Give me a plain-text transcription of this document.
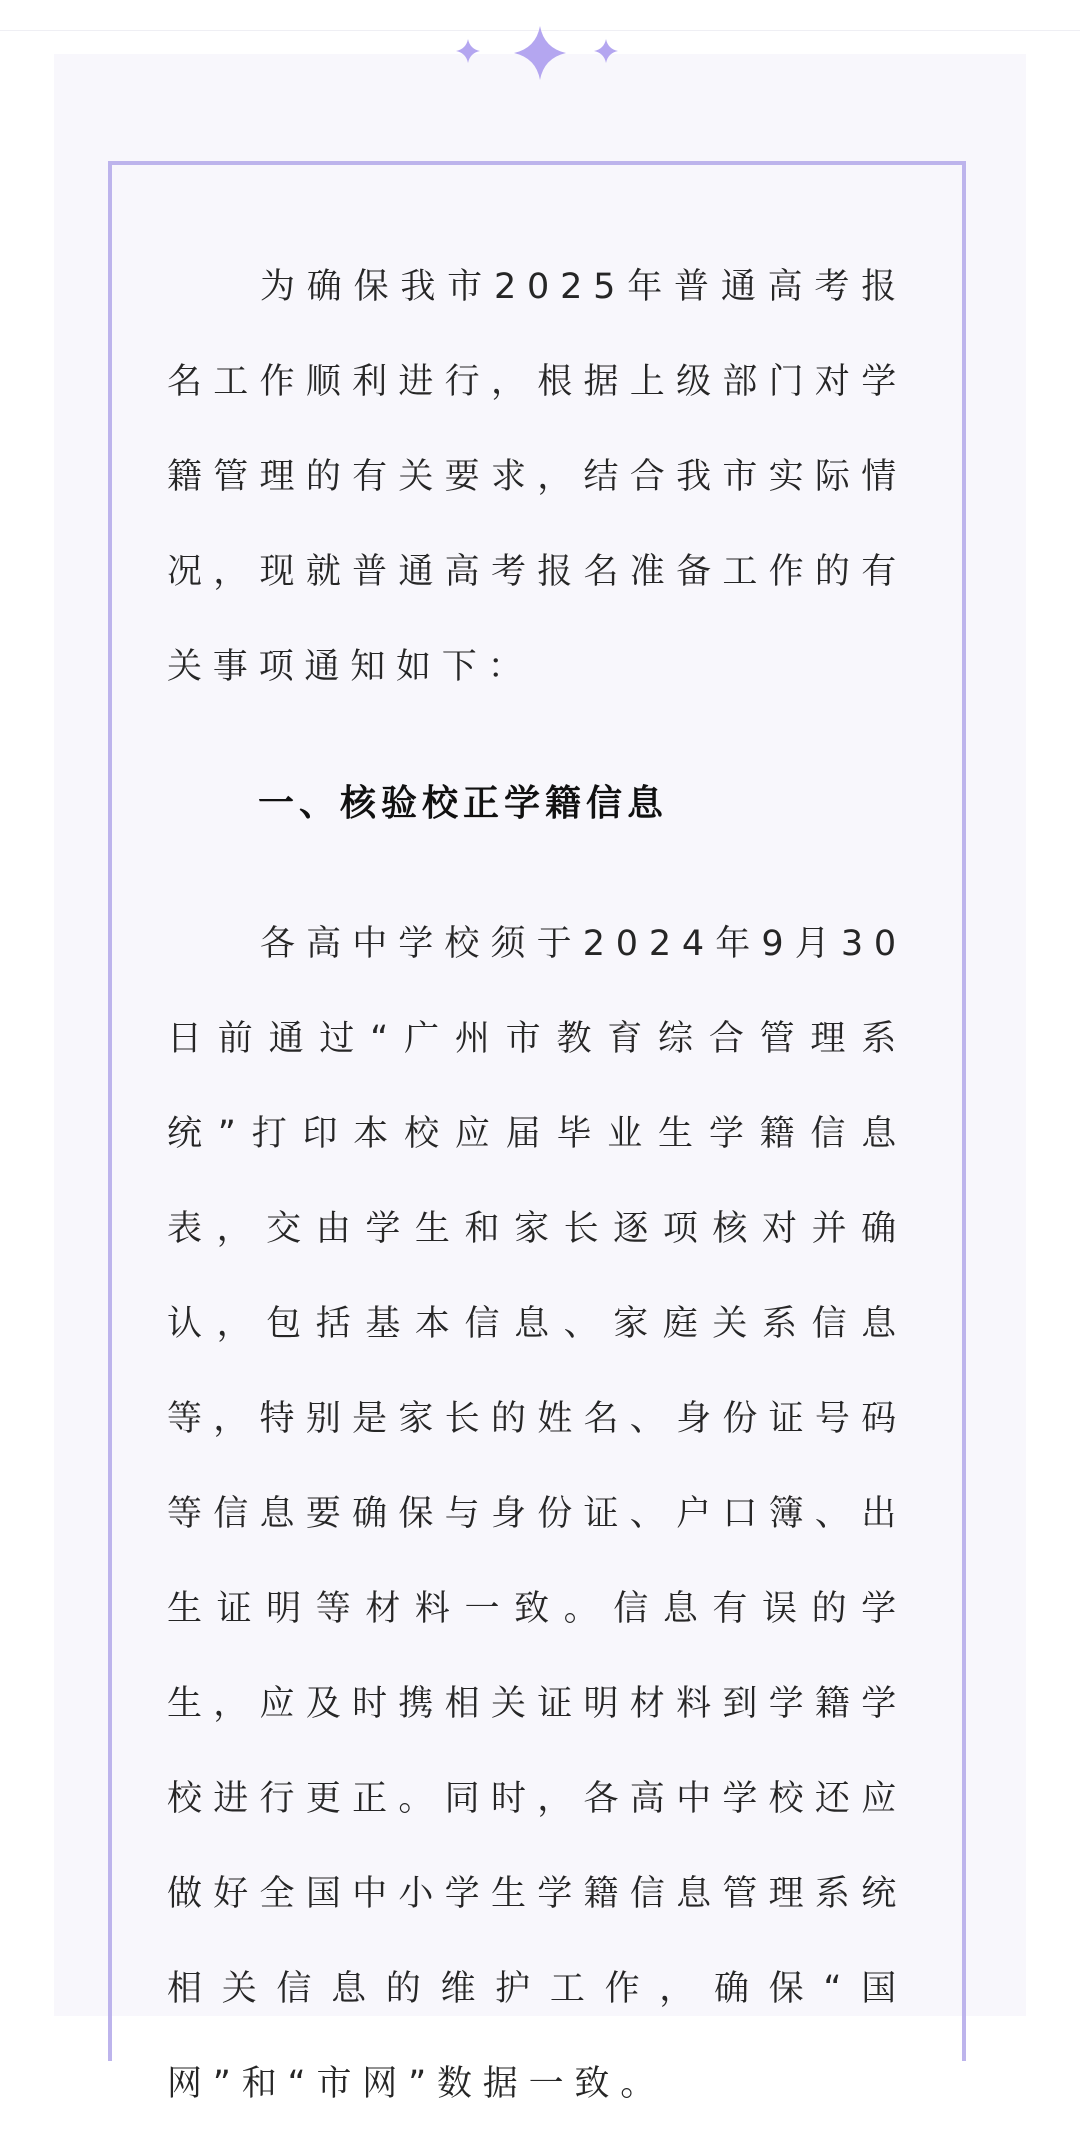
为确保我市2025年普通高考报名工作顺利进行，根据上级部门对学籍管理的有关要求，结合我市实际情况，现就普通高考报名准备工作的有关事项通知如下：

一、核验校正学籍信息

各高中学校须于2024年9月30日前通过“广州市教育综合管理系统”打印本校应届毕业生学籍信息表，交由学生和家长逐项核对并确认，包括基本信息、家庭关系信息等，特别是家长的姓名、身份证号码等信息要确保与身份证、户口簿、出生证明等材料一致。信息有误的学生，应及时携相关证明材料到学籍学校进行更正。同时，各高中学校还应做好全国中小学生学籍信息管理系统相关信息的维护工作，确保“国网”和“市网”数据一致。
